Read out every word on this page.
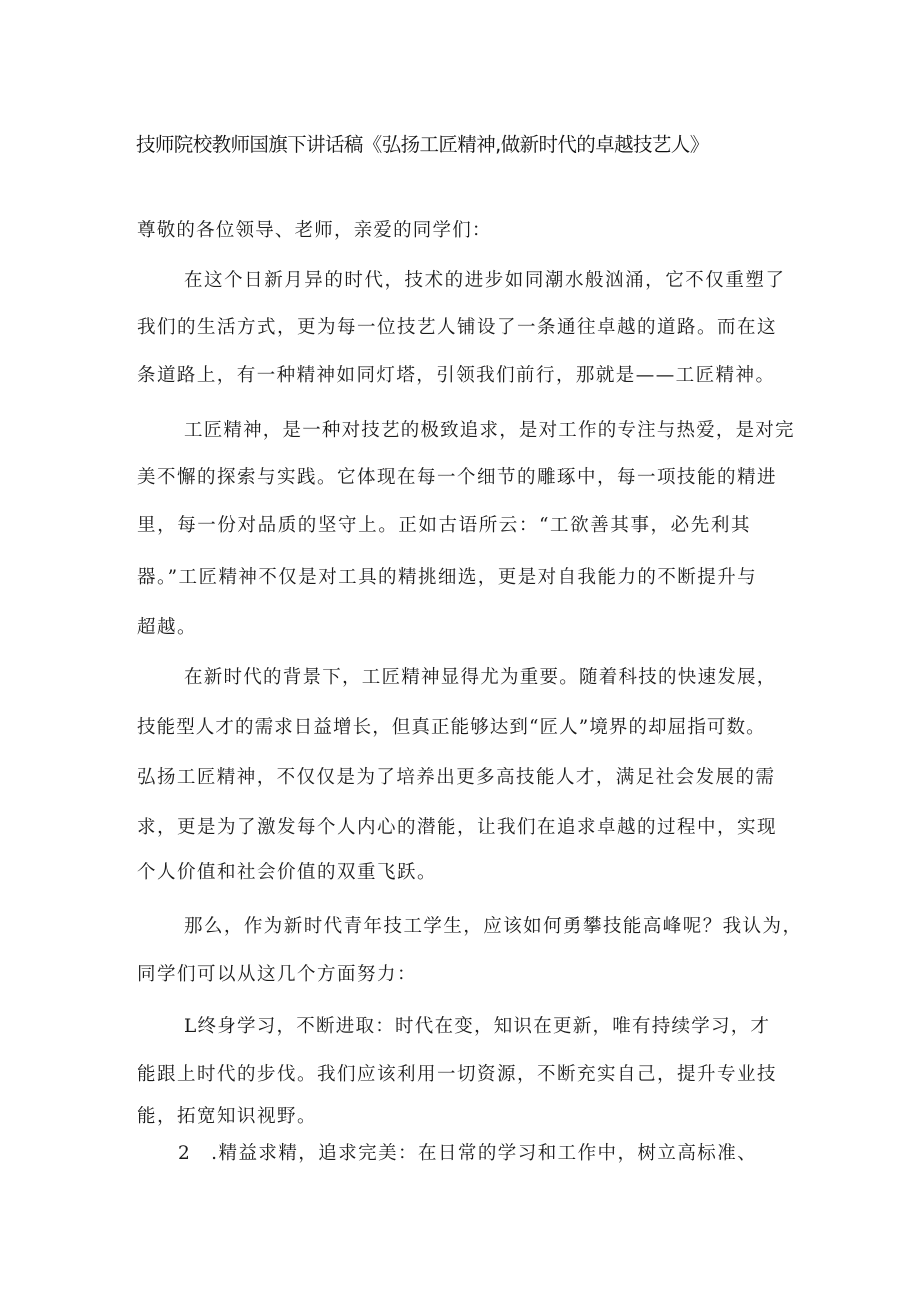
技师院校教师国旗下讲话稿《弘扬工匠精神,做新时代的卓越技艺人》
尊敬的各位领导、老师，亲爱的同学们：
在这个日新月异的时代，技术的进步如同潮水般汹涌，它不仅重塑了
我们的生活方式，更为每一位技艺人铺设了一条通往卓越的道路。而在这
条道路上，有一种精神如同灯塔，引领我们前行，那就是——工匠精神。
工匠精神，是一种对技艺的极致追求，是对工作的专注与热爱，是对完
美不懈的探索与实践。它体现在每一个细节的雕琢中，每一项技能的精进
里，每一份对品质的坚守上。正如古语所云：“工欲善其事，必先利其
器。”工匠精神不仅是对工具的精挑细选，更是对自我能力的不断提升与
超越。
在新时代的背景下，工匠精神显得尤为重要。随着科技的快速发展，
技能型人才的需求日益增长，但真正能够达到“匠人”境界的却屈指可数。
弘扬工匠精神，不仅仅是为了培养出更多高技能人才，满足社会发展的需
求，更是为了激发每个人内心的潜能，让我们在追求卓越的过程中，实现
个人价值和社会价值的双重飞跃。
那么，作为新时代青年技工学生，应该如何勇攀技能高峰呢？我认为，
同学们可以从这几个方面努力：
L终身学习，不断进取：时代在变，知识在更新，唯有持续学习，才
能跟上时代的步伐。我们应该利用一切资源，不断充实自己，提升专业技
能，拓宽知识视野。
2　.精益求精，追求完美：在日常的学习和工作中，树立高标准、
